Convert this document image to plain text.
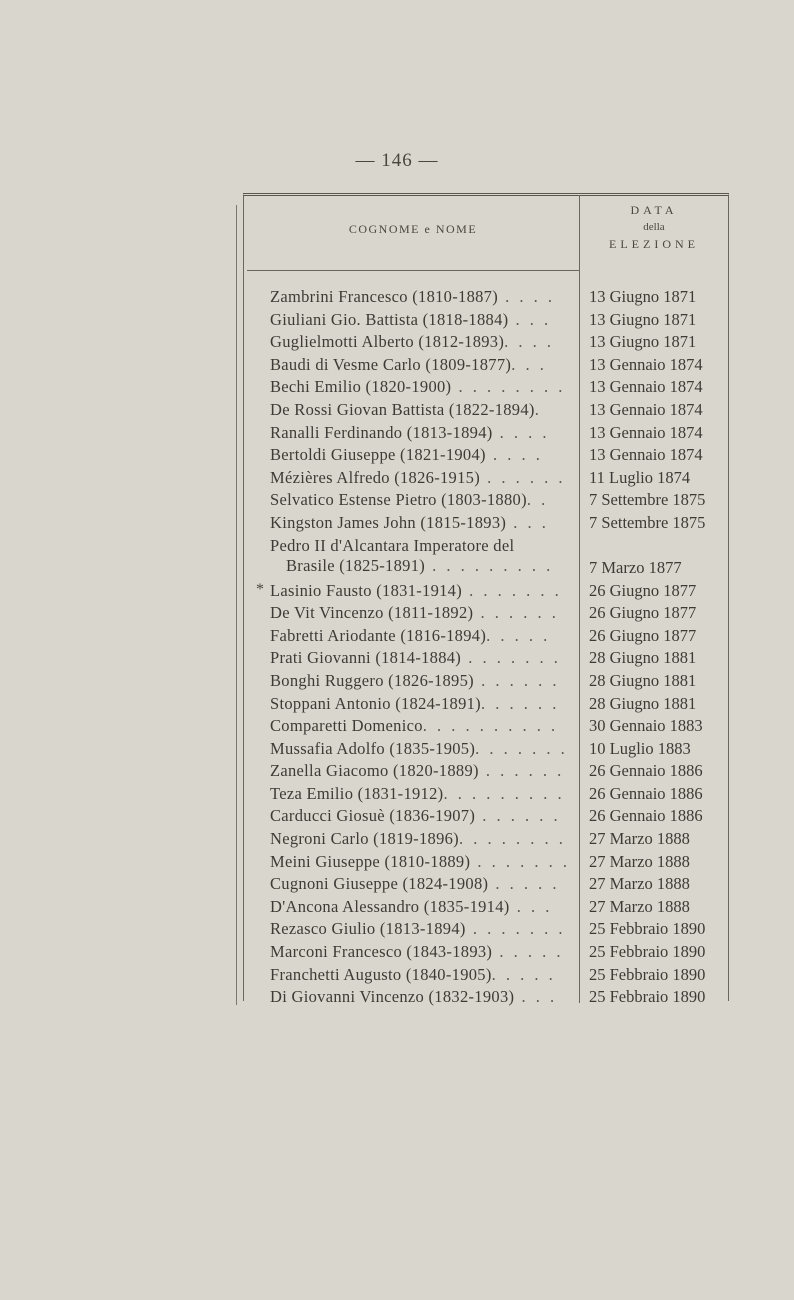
— 146 —
COGNOME e NOME
DATA
della
ELEZIONE
Zambrini Francesco (1810-1887) . . . .	13 Giugno 1871
Giuliani Gio. Battista (1818-1884) . . .	13 Giugno 1871
Guglielmotti Alberto (1812-1893). . . .	13 Giugno 1871
Baudi di Vesme Carlo (1809-1877). . .	13 Gennaio 1874
Bechi Emilio (1820-1900) . . . . . . . .	13 Gennaio 1874
De Rossi Giovan Battista (1822-1894).	13 Gennaio 1874
Ranalli Ferdinando (1813-1894) . . . .	13 Gennaio 1874
Bertoldi Giuseppe (1821-1904) . . . .	13 Gennaio 1874
Mézières Alfredo (1826-1915) . . . . . .	11 Luglio 1874
Selvatico Estense Pietro (1803-1880). .	7 Settembre 1875
Kingston James John (1815-1893) . . .	7 Settembre 1875
Pedro II d'Alcantara Imperatore del
Brasile (1825-1891) . . . . . . . . .	7 Marzo 1877
* Lasinio Fausto (1831-1914) . . . . . . .	26 Giugno 1877
De Vit Vincenzo (1811-1892) . . . . . .	26 Giugno 1877
Fabretti Ariodante (1816-1894). . . . .	26 Giugno 1877
Prati Giovanni (1814-1884) . . . . . . .	28 Giugno 1881
Bonghi Ruggero (1826-1895) . . . . . .	28 Giugno 1881
Stoppani Antonio (1824-1891). . . . . .	28 Giugno 1881
Comparetti Domenico. . . . . . . . . .	30 Gennaio 1883
Mussafia Adolfo (1835-1905). . . . . . . 10 Luglio 1883
Zanella Giacomo (1820-1889) . . . . . .	26 Gennaio 1886
Teza Emilio (1831-1912). . . . . . . . .	26 Gennaio 1886
Carducci Giosuè (1836-1907) . . . . . .	26 Gennaio 1886
Negroni Carlo (1819-1896). . . . . . . .	27 Marzo 1888
Meini Giuseppe (1810-1889) . . . . . . . 27 Marzo 1888
Cugnoni Giuseppe (1824-1908) . . . . .	27 Marzo 1888
D'Ancona Alessandro (1835-1914) . . .	27 Marzo 1888
Rezasco Giulio (1813-1894) . . . . . . .	25 Febbraio 1890
Marconi Francesco (1843-1893) . . . . .	25 Febbraio 1890
Franchetti Augusto (1840-1905). . . . .	25 Febbraio 1890
Di Giovanni Vincenzo (1832-1903) . . .	25 Febbraio 1890
